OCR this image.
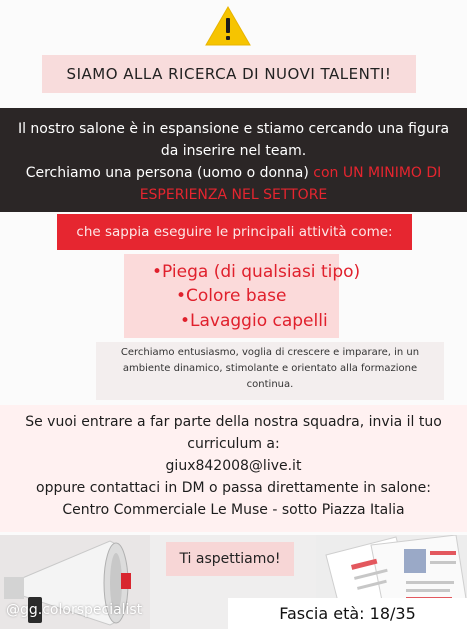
SIAMO ALLA RICERCA DI NUOVI TALENTI!
Il nostro salone è in espansione e stiamo cercando una figura
da inserire nel team.
Cerchiamo una persona (uomo o donna) con UN MINIMO DI
ESPERIENZA NEL SETTORE
che sappia eseguire le principali attività come:
•Piega (di qualsiasi tipo)
•Colore base
•Lavaggio capelli
Cerchiamo entusiasmo, voglia di crescere e imparare, in un
ambiente dinamico, stimolante e orientato alla formazione
continua.
Se vuoi entrare a far parte della nostra squadra, invia il tuo
curriculum a:
giux842008@live.it
oppure contattaci in DM o passa direttamente in salone:
Centro Commerciale Le Muse - sotto Piazza Italia
Ti aspettiamo!
Fascia età: 18/35
@gg.colorspecialist
